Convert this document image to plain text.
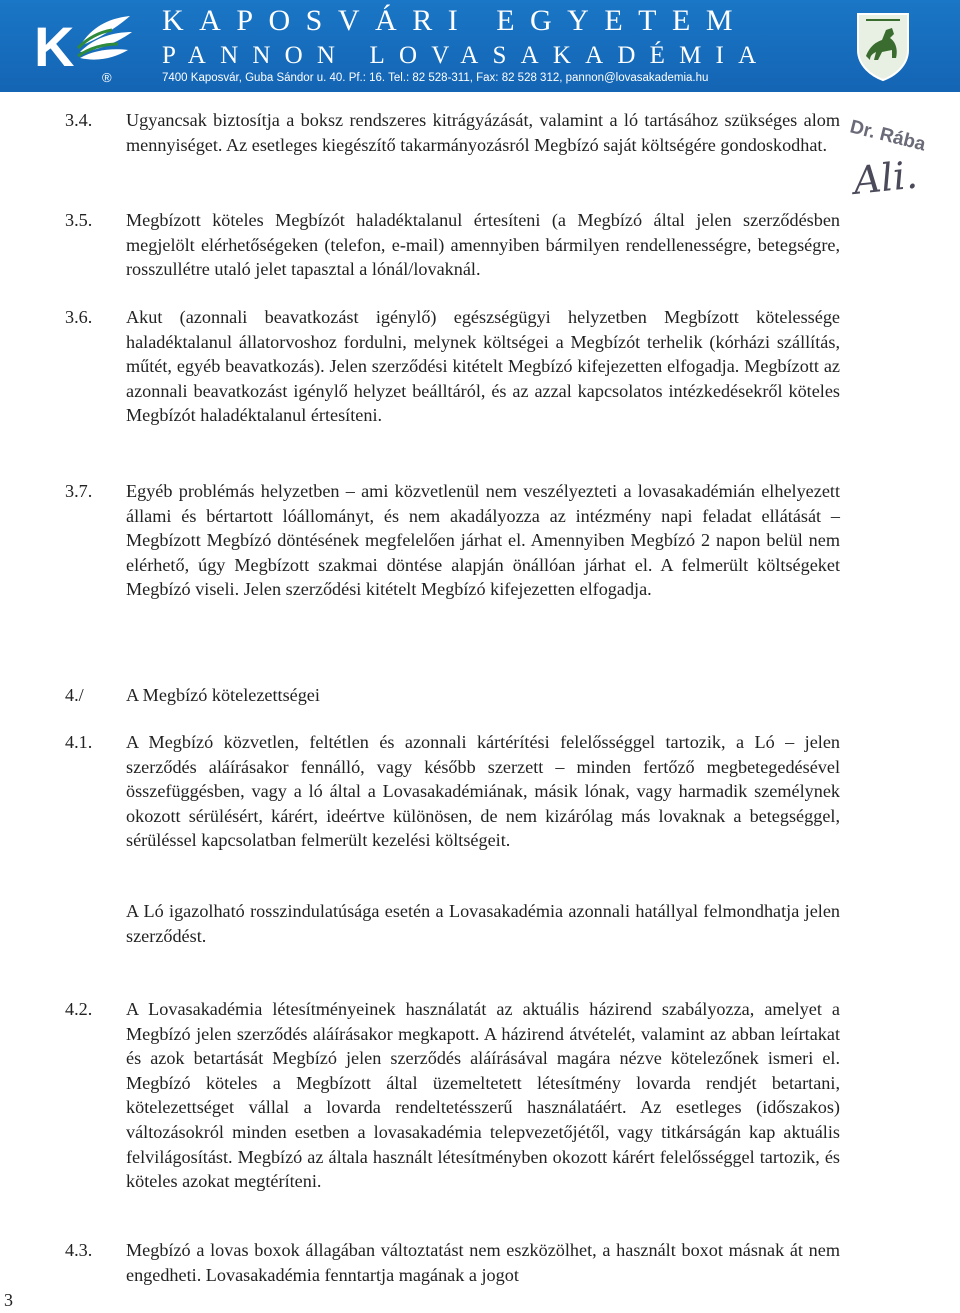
K ®
KAPOSVÁRI EGYETEM
PANNON LOVASAKADÉMIA
7400 Kaposvár, Guba Sándor u. 40. Pf.: 16. Tel.: 82 528-311, Fax: 82 528 312, pannon@lovasakademia.hu
Dr. Rába
Ali.
3.4. Ugyancsak biztosítja a boksz rendszeres kitrágyázását, valamint a ló tartásához szükséges alom mennyiséget. Az esetleges kiegészítő takarmányozásról Megbízó saját költségére gondoskodhat.
3.5. Megbízott köteles Megbízót haladéktalanul értesíteni (a Megbízó által jelen szerződésben megjelölt elérhetőségeken (telefon, e-mail) amennyiben bármilyen rendellenességre, betegségre, rosszullétre utaló jelet tapasztal a lónál/lovaknál.
3.6. Akut (azonnali beavatkozást igénylő) egészségügyi helyzetben Megbízott kötelessége haladéktalanul állatorvoshoz fordulni, melynek költségei a Megbízót terhelik (kórházi szállítás, műtét, egyéb beavatkozás). Jelen szerződési kitételt Megbízó kifejezetten elfogadja. Megbízott az azonnali beavatkozást igénylő helyzet beálltáról, és az azzal kapcsolatos intézkedésekről köteles Megbízót haladéktalanul értesíteni.
3.7. Egyéb problémás helyzetben – ami közvetlenül nem veszélyezteti a lovasakadémián elhelyezett állami és bértartott lóállományt, és nem akadályozza az intézmény napi feladat ellátását – Megbízott Megbízó döntésének megfelelően járhat el. Amennyiben Megbízó 2 napon belül nem elérhető, úgy Megbízott szakmai döntése alapján önállóan járhat el. A felmerült költségeket Megbízó viseli. Jelen szerződési kitételt Megbízó kifejezetten elfogadja.
4./ A Megbízó kötelezettségei
4.1. A Megbízó közvetlen, feltétlen és azonnali kártérítési felelősséggel tartozik, a Ló – jelen szerződés aláírásakor fennálló, vagy később szerzett – minden fertőző megbetegedésével összefüggésben, vagy a ló által a Lovasakadémiának, másik lónak, vagy harmadik személynek okozott sérülésért, kárért, ideértve különösen, de nem kizárólag más lovaknak a betegséggel, sérüléssel kapcsolatban felmerült kezelési költségeit.
A Ló igazolható rosszindulatúsága esetén a Lovasakadémia azonnali hatállyal felmondhatja jelen szerződést.
4.2. A Lovasakadémia létesítményeinek használatát az aktuális házirend szabályozza, amelyet a Megbízó jelen szerződés aláírásakor megkapott. A házirend átvételét, valamint az abban leírtakat és azok betartását Megbízó jelen szerződés aláírásával magára nézve kötelezőnek ismeri el. Megbízó köteles a Megbízott által üzemeltetett létesítmény lovarda rendjét betartani, kötelezettséget vállal a lovarda rendeltetésszerű használatáért. Az esetleges (időszakos) változásokról minden esetben a lovasakadémia telepvezetőjétől, vagy titkárságán kap aktuális felvilágosítást. Megbízó az általa használt létesítményben okozott kárért felelősséggel tartozik, és köteles azokat megtéríteni.
4.3. Megbízó a lovas boxok állagában változtatást nem eszközölhet, a használt boxot másnak át nem engedheti. Lovasakadémia fenntartja magának a jogot
3
